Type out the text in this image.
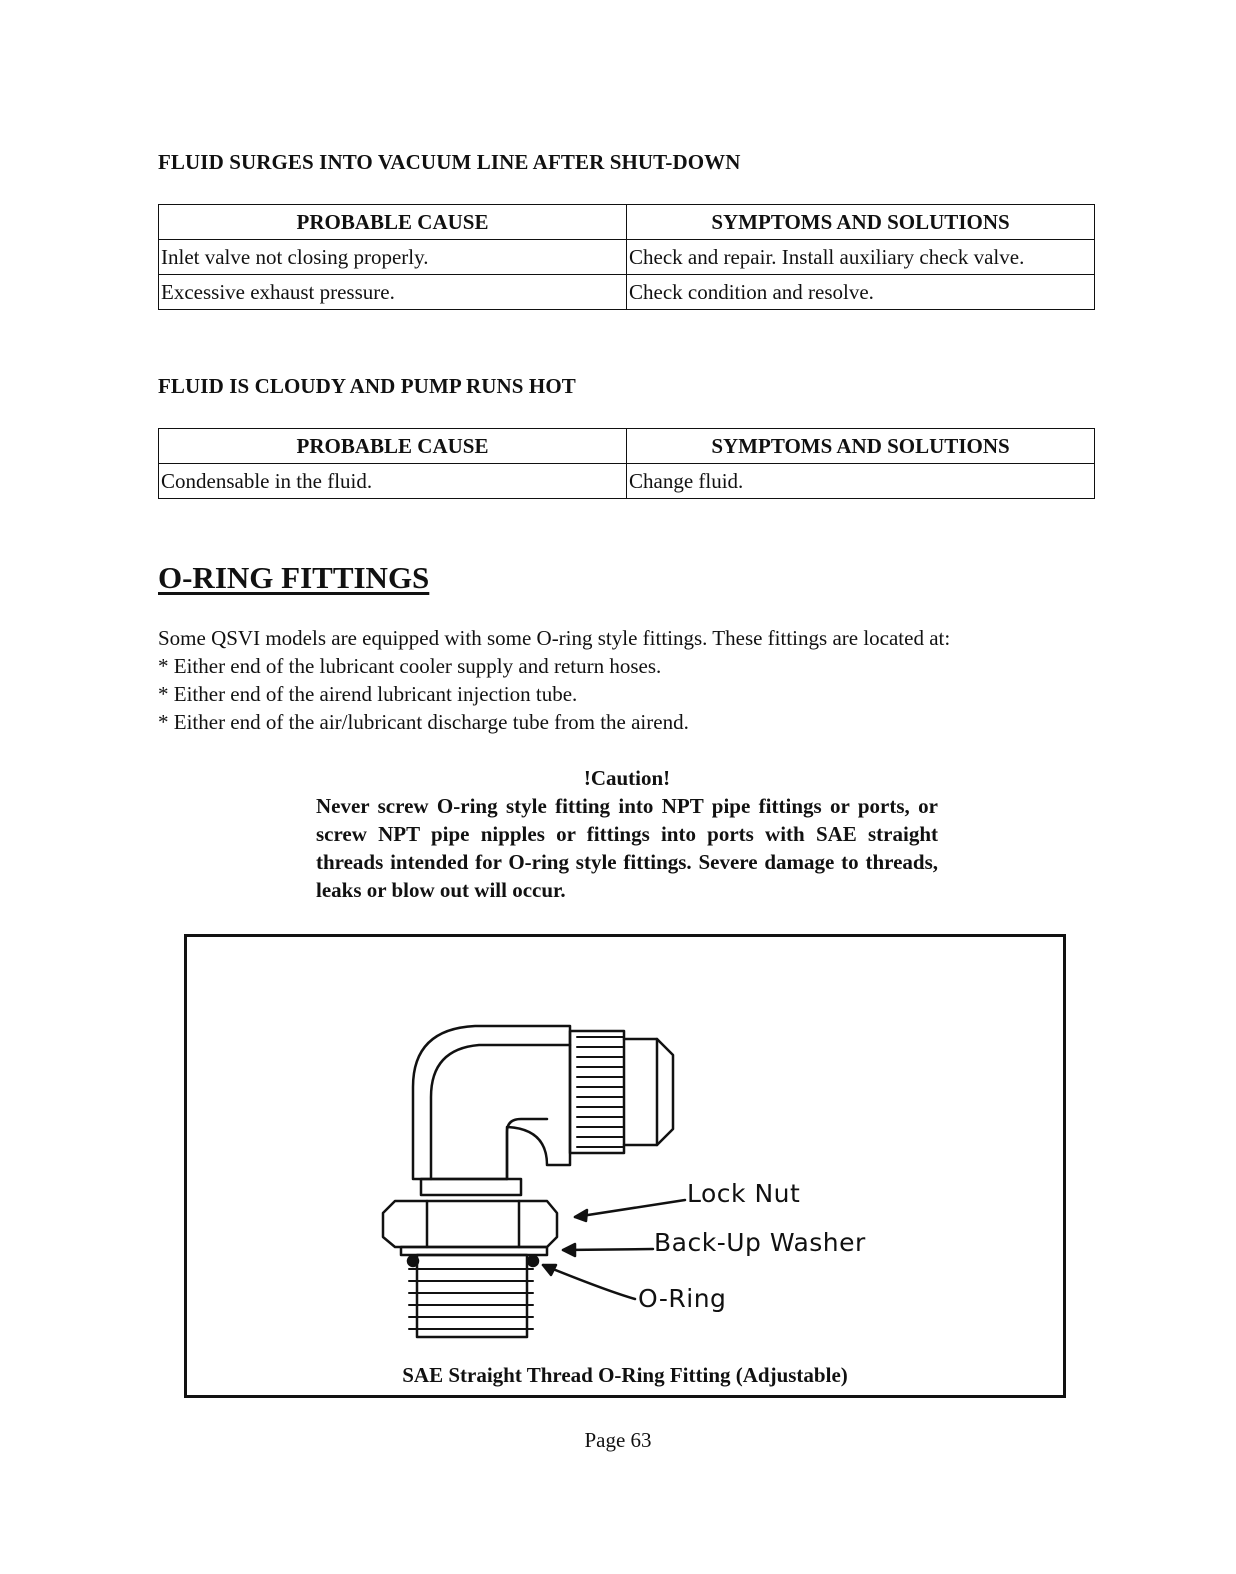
FLUID SURGES INTO VACUUM LINE AFTER SHUT-DOWN
PROBABLE CAUSE	SYMPTOMS AND SOLUTIONS
Inlet valve not closing properly.	Check and repair. Install auxiliary check valve.
Excessive exhaust pressure.	Check condition and resolve.
FLUID IS CLOUDY AND PUMP RUNS HOT
PROBABLE CAUSE	SYMPTOMS AND SOLUTIONS
Condensable in the fluid.	Change fluid.
O-RING FITTINGS

Some QSVI models are equipped with some O-ring style fittings. These fittings are located at:

* Either end of the lubricant cooler supply and return hoses.

* Either end of the airend lubricant injection tube.

* Either end of the air/lubricant discharge tube from the airend.

!Caution!
Never screw O-ring style fitting into NPT pipe fittings or ports, or screw NPT pipe nipples or fittings into ports with SAE straight threads intended for O-ring style fittings. Severe damage to threads, leaks or blow out will occur.
Lock Nut
Back-Up Washer
O-Ring
SAE Straight Thread O-Ring Fitting (Adjustable)
Page 63
